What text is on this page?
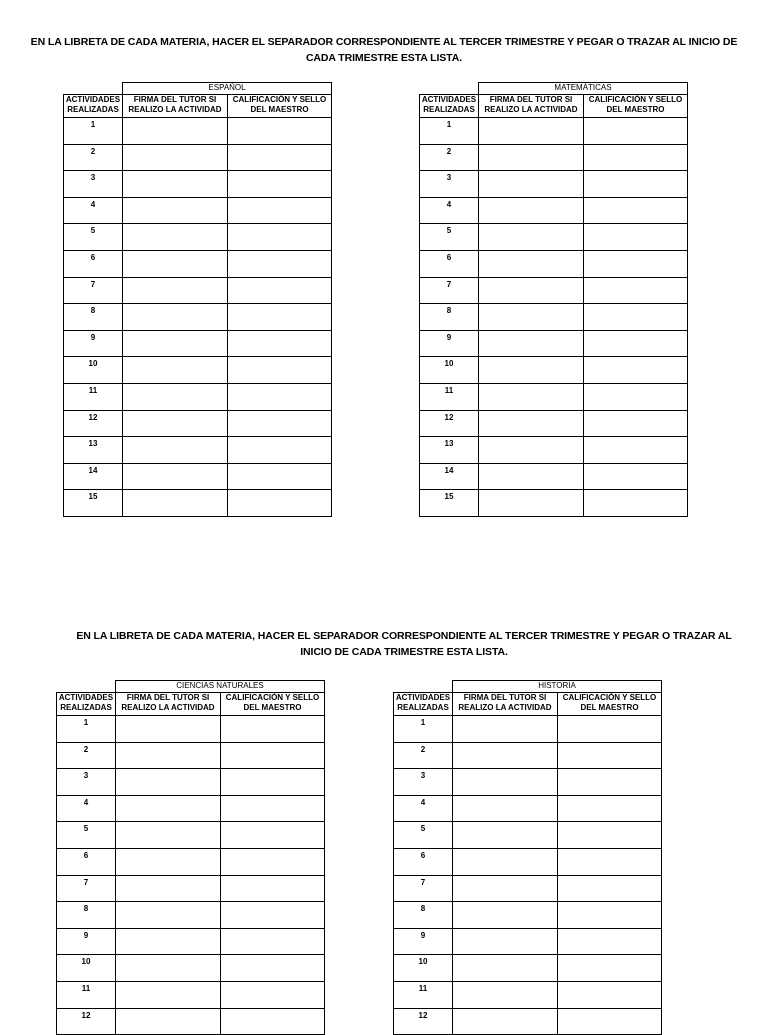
EN LA LIBRETA DE CADA MATERIA, HACER EL SEPARADOR CORRESPONDIENTE AL TERCER TRIMESTRE Y PEGAR O TRAZAR AL INICIO DE CADA TRIMESTRE ESTA LISTA.
	ESPAÑOL	
ACTIVIDADES REALIZADAS	FIRMA DEL TUTOR SI REALIZO LA ACTIVIDAD	CALIFICACIÓN Y SELLO DEL MAESTRO
1		
2		
3		
4		
5		
6		
7		
8		
9		
10		
11		
12		
13		
14		
15		
	MATEMÁTICAS	
ACTIVIDADES REALIZADAS	FIRMA DEL TUTOR SI REALIZO LA ACTIVIDAD	CALIFICACIÓN Y SELLO DEL MAESTRO
1		
2		
3		
4		
5		
6		
7		
8		
9		
10		
11		
12		
13		
14		
15		
EN LA LIBRETA DE CADA MATERIA, HACER EL SEPARADOR CORRESPONDIENTE AL TERCER TRIMESTRE Y PEGAR O TRAZAR AL INICIO DE CADA TRIMESTRE ESTA LISTA.
	CIENCIAS NATURALES	
ACTIVIDADES REALIZADAS	FIRMA DEL TUTOR SI REALIZO LA ACTIVIDAD	CALIFICACIÓN Y SELLO DEL MAESTRO
1		
2		
3		
4		
5		
6		
7		
8		
9		
10		
11		
12		
	HISTORIA	
ACTIVIDADES REALIZADAS	FIRMA DEL TUTOR SI REALIZO LA ACTIVIDAD	CALIFICACIÓN Y SELLO DEL MAESTRO
1		
2		
3		
4		
5		
6		
7		
8		
9		
10		
11		
12		
